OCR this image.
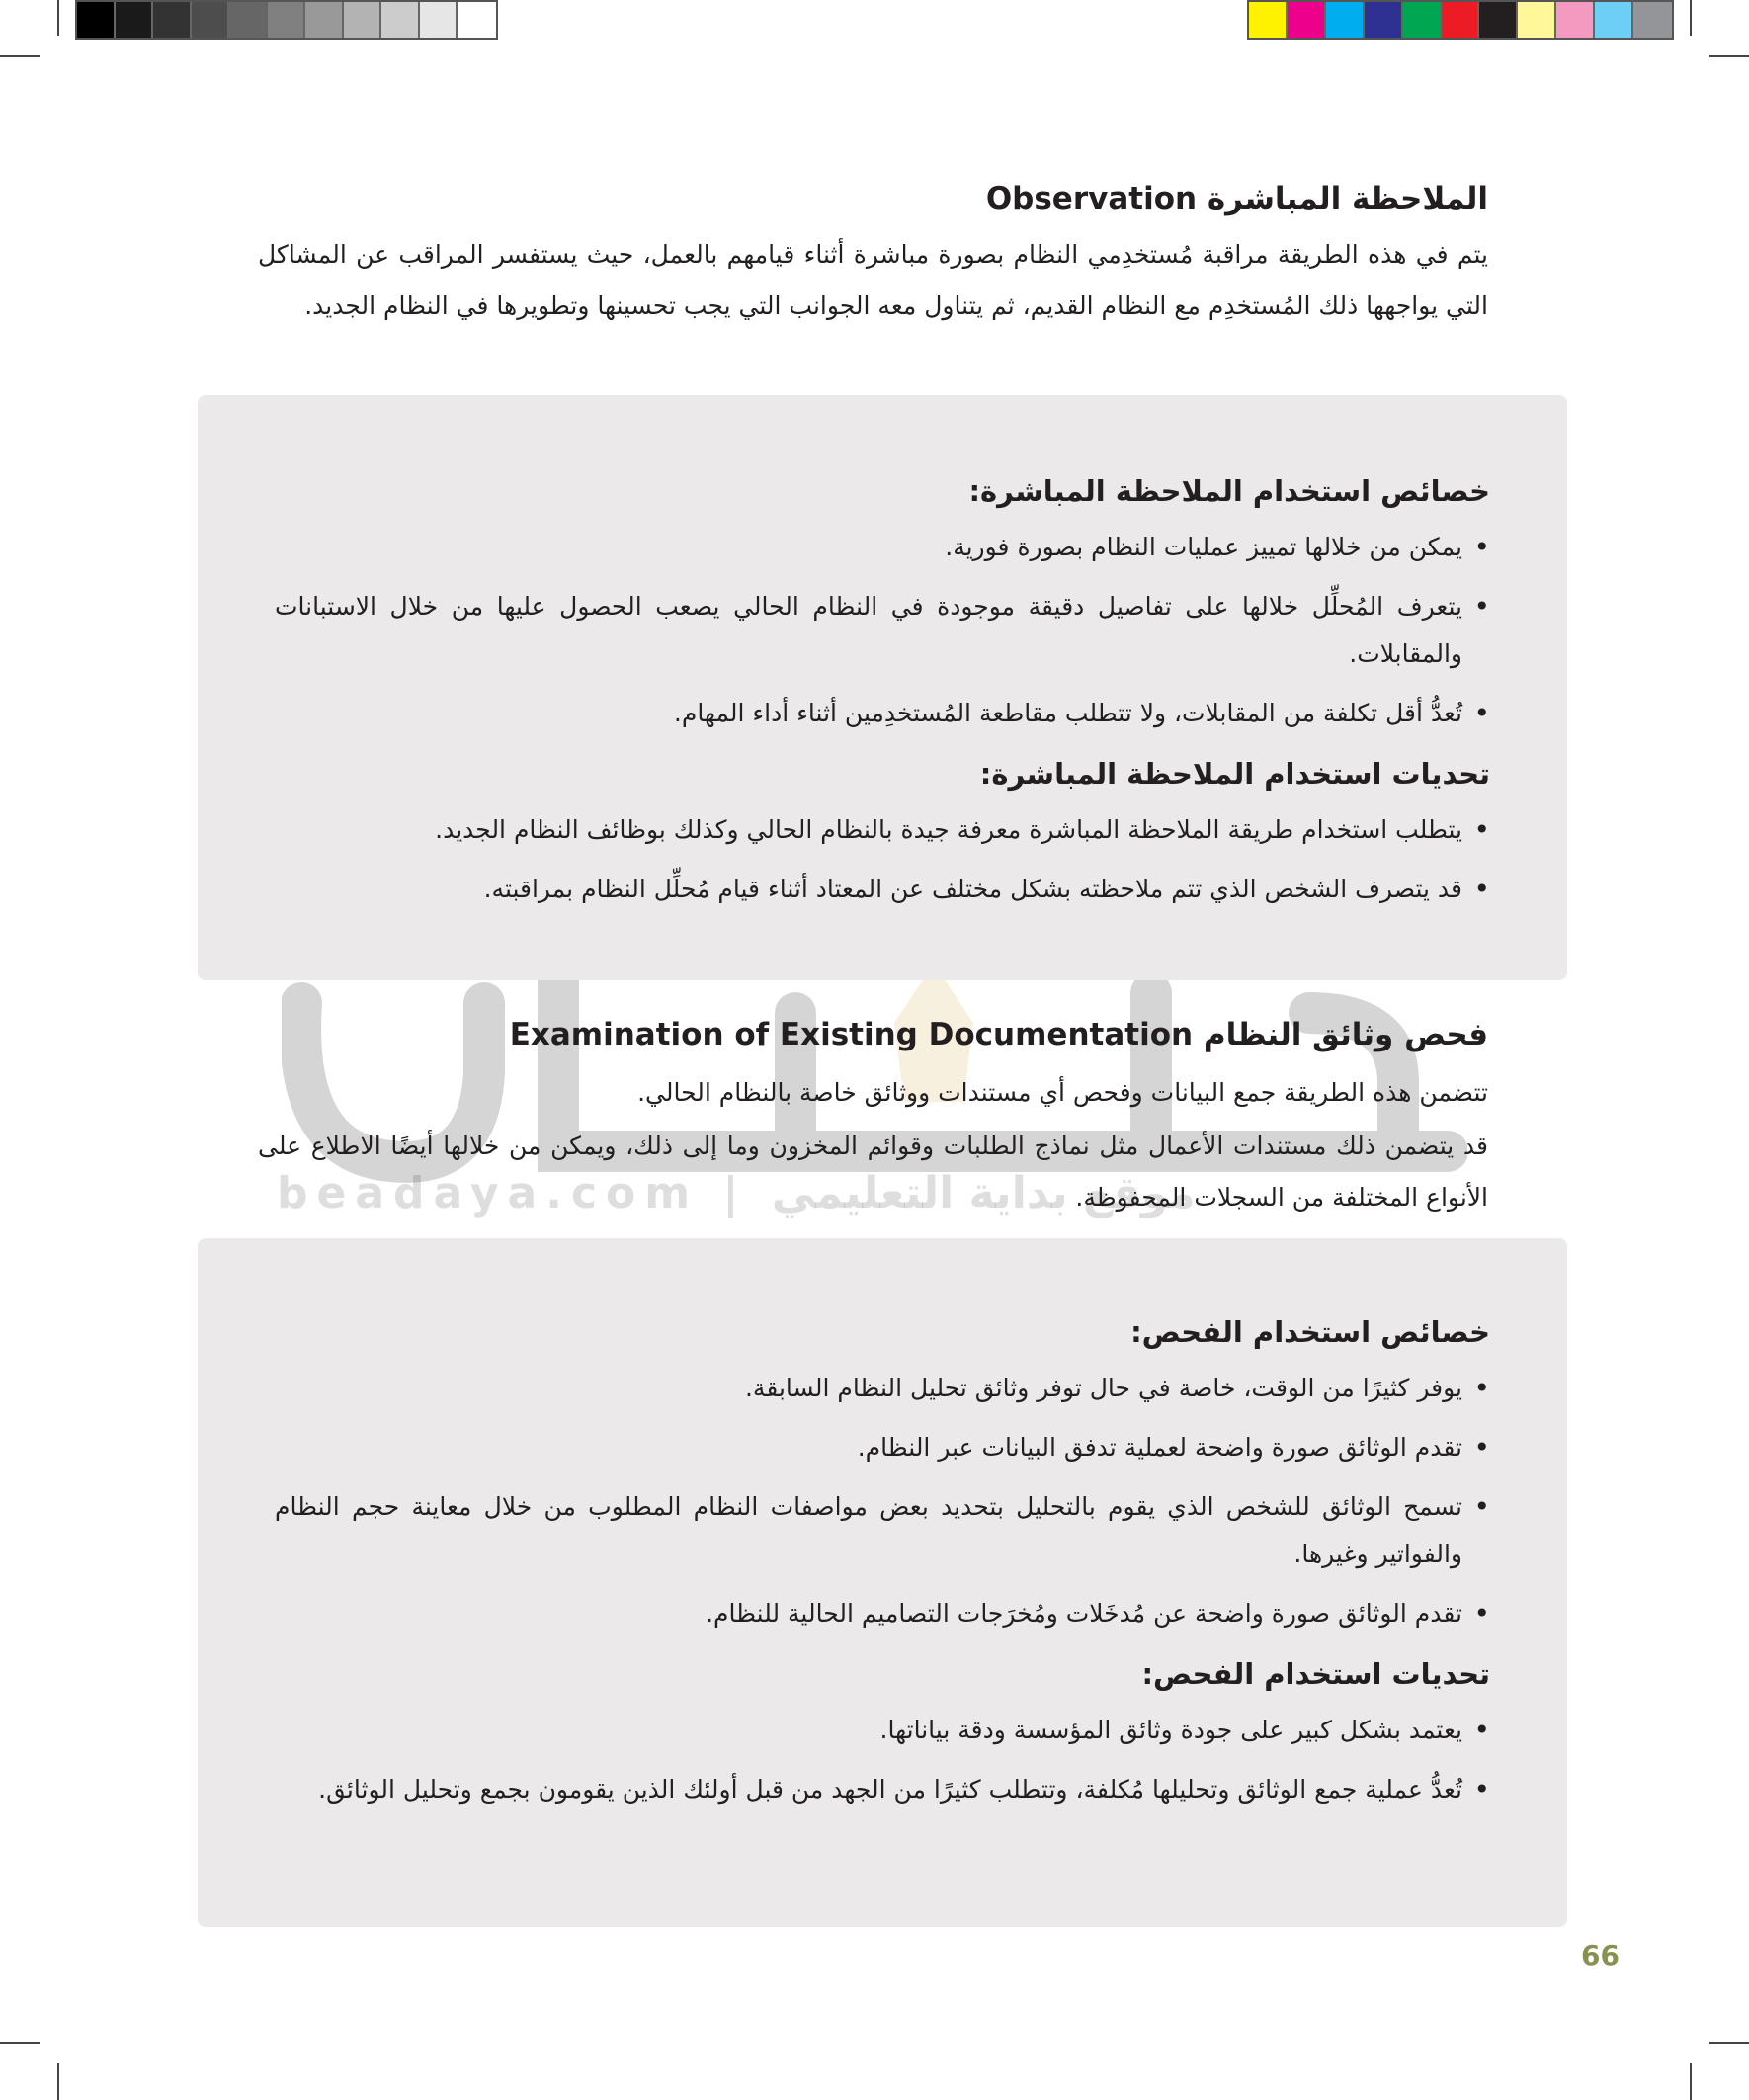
beadaya.com | موقع بداية التعليمي
الملاحظة المباشرة Observation

يتم في هذه الطريقة مراقبة مُستخدِمي النظام بصورة مباشرة أثناء قيامهم بالعمل، حيث يستفسر المراقب عن المشاكل التي يواجهها ذلك المُستخدِم مع النظام القديم، ثم يتناول معه الجوانب التي يجب تحسينها وتطويرها في النظام الجديد.

خصائص استخدام الملاحظة المباشرة:
• يمكن من خلالها تمييز عمليات النظام بصورة فورية.
• يتعرف المُحلِّل خلالها على تفاصيل دقيقة موجودة في النظام الحالي يصعب الحصول عليها من خلال الاستبانات والمقابلات.
• تُعدُّ أقل تكلفة من المقابلات، ولا تتطلب مقاطعة المُستخدِمين أثناء أداء المهام.
تحديات استخدام الملاحظة المباشرة:
• يتطلب استخدام طريقة الملاحظة المباشرة معرفة جيدة بالنظام الحالي وكذلك بوظائف النظام الجديد.
• قد يتصرف الشخص الذي تتم ملاحظته بشكل مختلف عن المعتاد أثناء قيام مُحلِّل النظام بمراقبته.
فحص وثائق النظام Examination of Existing Documentation

تتضمن هذه الطريقة جمع البيانات وفحص أي مستندات ووثائق خاصة بالنظام الحالي.

قد يتضمن ذلك مستندات الأعمال مثل نماذج الطلبات وقوائم المخزون وما إلى ذلك، ويمكن من خلالها أيضًا الاطلاع على الأنواع المختلفة من السجلات المحفوظة.

خصائص استخدام الفحص:
• يوفر كثيرًا من الوقت، خاصة في حال توفر وثائق تحليل النظام السابقة.
• تقدم الوثائق صورة واضحة لعملية تدفق البيانات عبر النظام.
• تسمح الوثائق للشخص الذي يقوم بالتحليل بتحديد بعض مواصفات النظام المطلوب من خلال معاينة حجم النظام والفواتير وغيرها.
• تقدم الوثائق صورة واضحة عن مُدخَلات ومُخرَجات التصاميم الحالية للنظام.
تحديات استخدام الفحص:
• يعتمد بشكل كبير على جودة وثائق المؤسسة ودقة بياناتها.
• تُعدُّ عملية جمع الوثائق وتحليلها مُكلفة، وتتطلب كثيرًا من الجهد من قبل أولئك الذين يقومون بجمع وتحليل الوثائق.
66
